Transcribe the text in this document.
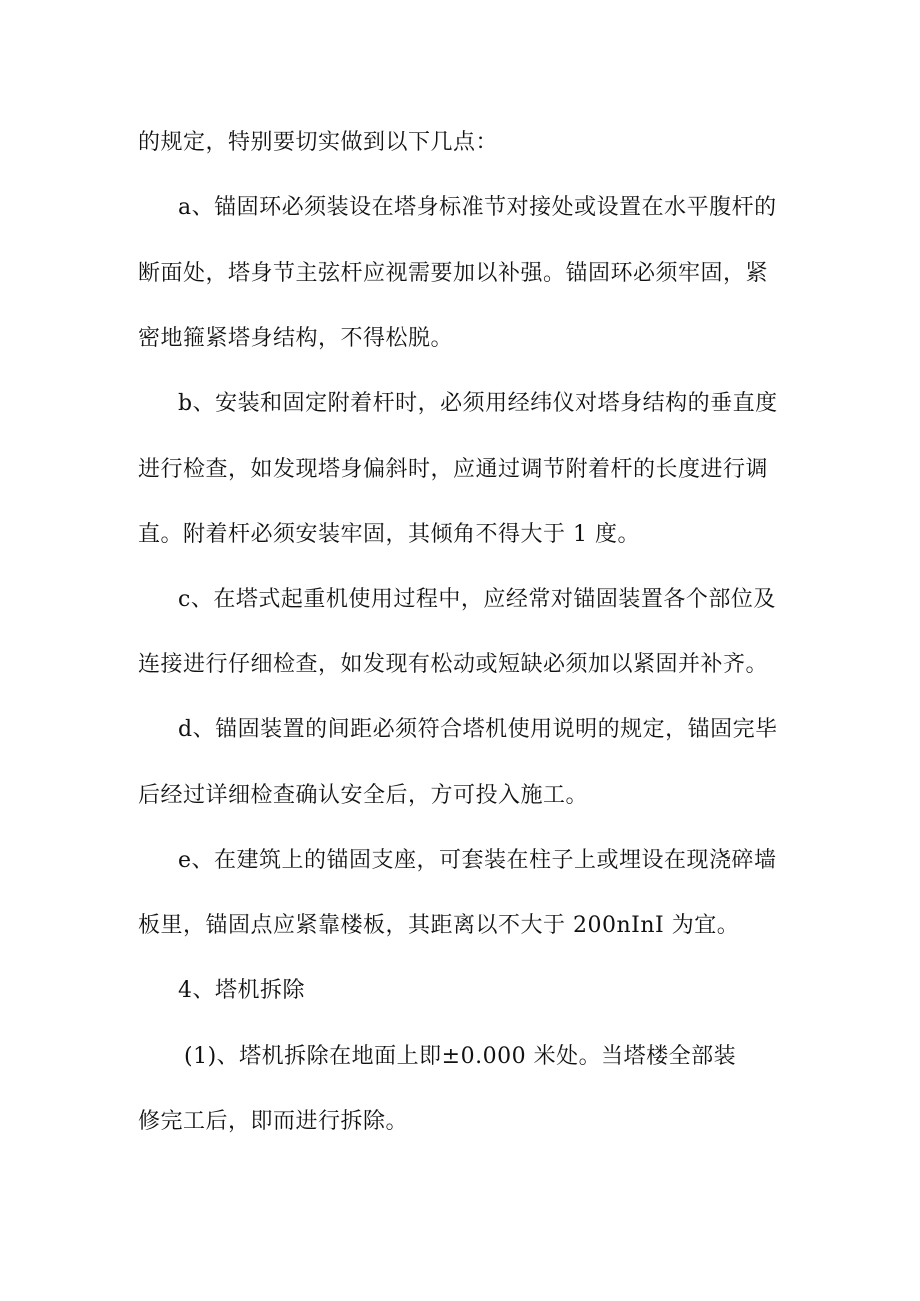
的规定，特别要切实做到以下几点：
a、锚固环必须装设在塔身标准节对接处或设置在水平腹杆的
断面处，塔身节主弦杆应视需要加以补强。锚固环必须牢固，紧
密地箍紧塔身结构，不得松脱。
b、安装和固定附着杆时，必须用经纬仪对塔身结构的垂直度
进行检查，如发现塔身偏斜时，应通过调节附着杆的长度进行调
直。附着杆必须安装牢固，其倾角不得大于 1 度。
c、在塔式起重机使用过程中，应经常对锚固装置各个部位及
连接进行仔细检查，如发现有松动或短缺必须加以紧固并补齐。
d、锚固装置的间距必须符合塔机使用说明的规定，锚固完毕
后经过详细检查确认安全后，方可投入施工。
e、在建筑上的锚固支座，可套装在柱子上或埋设在现浇碎墙
板里，锚固点应紧靠楼板，其距离以不大于 200nInI 为宜。
4、塔机拆除
(1)、塔机拆除在地面上即±0.000 米处。当塔楼全部装
修完工后，即而进行拆除。
